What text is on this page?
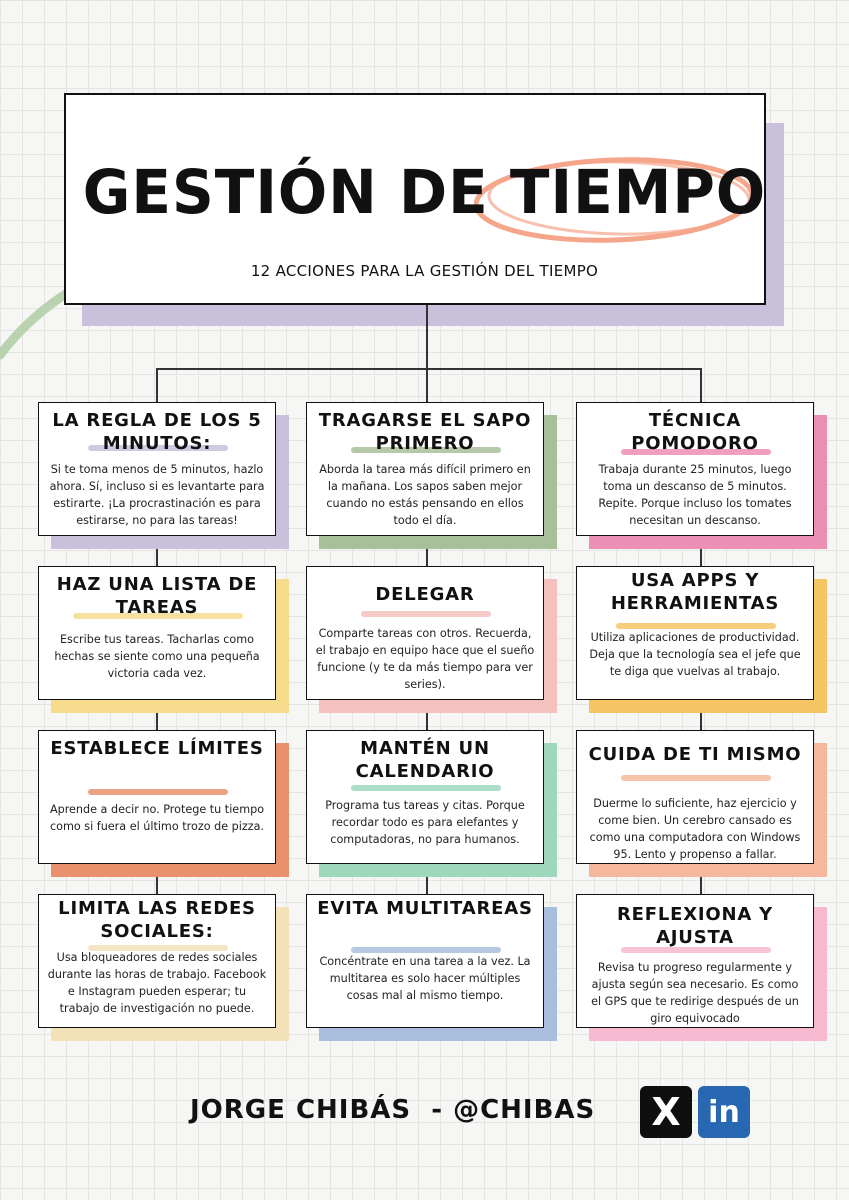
GESTIÓN DE TIEMPO
12 ACCIONES PARA LA GESTIÓN DEL TIEMPO
LA REGLA DE LOS 5 MINUTOS:
Si te toma menos de 5 minutos, hazlo ahora. Sí, incluso si es levantarte para estirarte. ¡La procrastinación es para estirarse, no para las tareas!
TRAGARSE EL SAPO PRIMERO
Aborda la tarea más difícil primero en la mañana. Los sapos saben mejor cuando no estás pensando en ellos todo el día.
TÉCNICA POMODORO
Trabaja durante 25 minutos, luego toma un descanso de 5 minutos. Repite. Porque incluso los tomates necesitan un descanso.
HAZ UNA LISTA DE TAREAS
Escribe tus tareas. Tacharlas como hechas se siente como una pequeña victoria cada vez.
DELEGAR
Comparte tareas con otros. Recuerda, el trabajo en equipo hace que el sueño funcione (y te da más tiempo para ver series).
USA APPS Y HERRAMIENTAS
Utiliza aplicaciones de productividad. Deja que la tecnología sea el jefe que te diga que vuelvas al trabajo.
ESTABLECE LÍMITES
Aprende a decir no. Protege tu tiempo como si fuera el último trozo de pizza.
MANTÉN UN CALENDARIO
Programa tus tareas y citas. Porque recordar todo es para elefantes y computadoras, no para humanos.
CUIDA DE TI MISMO
Duerme lo suficiente, haz ejercicio y come bien. Un cerebro cansado es como una computadora con Windows 95. Lento y propenso a fallar.
LIMITA LAS REDES SOCIALES:
Usa bloqueadores de redes sociales durante las horas de trabajo. Facebook e Instagram pueden esperar; tu trabajo de investigación no puede.
EVITA MULTITAREAS
Concéntrate en una tarea a la vez. La multitarea es solo hacer múltiples cosas mal al mismo tiempo.
REFLEXIONA Y AJUSTA
Revisa tu progreso regularmente y ajusta según sea necesario. Es como el GPS que te redirige después de un giro equivocado
JORGE CHIBÁS  - @CHIBAS X in
